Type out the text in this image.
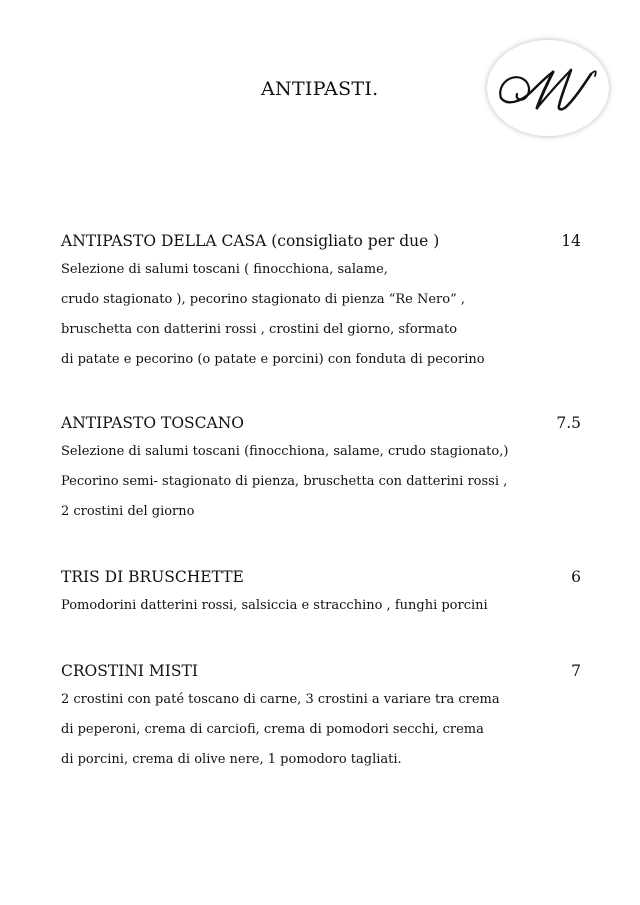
ANTIPASTI.
ANTIPASTO DELLA CASA (consigliato per due )	14
Selezione di salumi toscani ( finocchiona, salame,
crudo stagionato ), pecorino stagionato di pienza “Re Nero” ,
bruschetta con datterini rossi , crostini del giorno, sformato
di patate e pecorino (o patate e porcini) con fonduta di pecorino
ANTIPASTO TOSCANO	7.5
Selezione di salumi toscani (finocchiona, salame, crudo stagionato,)
Pecorino semi- stagionato di pienza, bruschetta con datterini rossi ,
2 crostini del giorno
TRIS DI BRUSCHETTE	6
Pomodorini datterini rossi, salsiccia e stracchino , funghi porcini
CROSTINI MISTI	7
2 crostini con paté toscano di carne, 3 crostini a variare tra crema
di peperoni, crema di carciofi, crema di pomodori secchi, crema
di porcini, crema di olive nere, 1 pomodoro tagliati.
